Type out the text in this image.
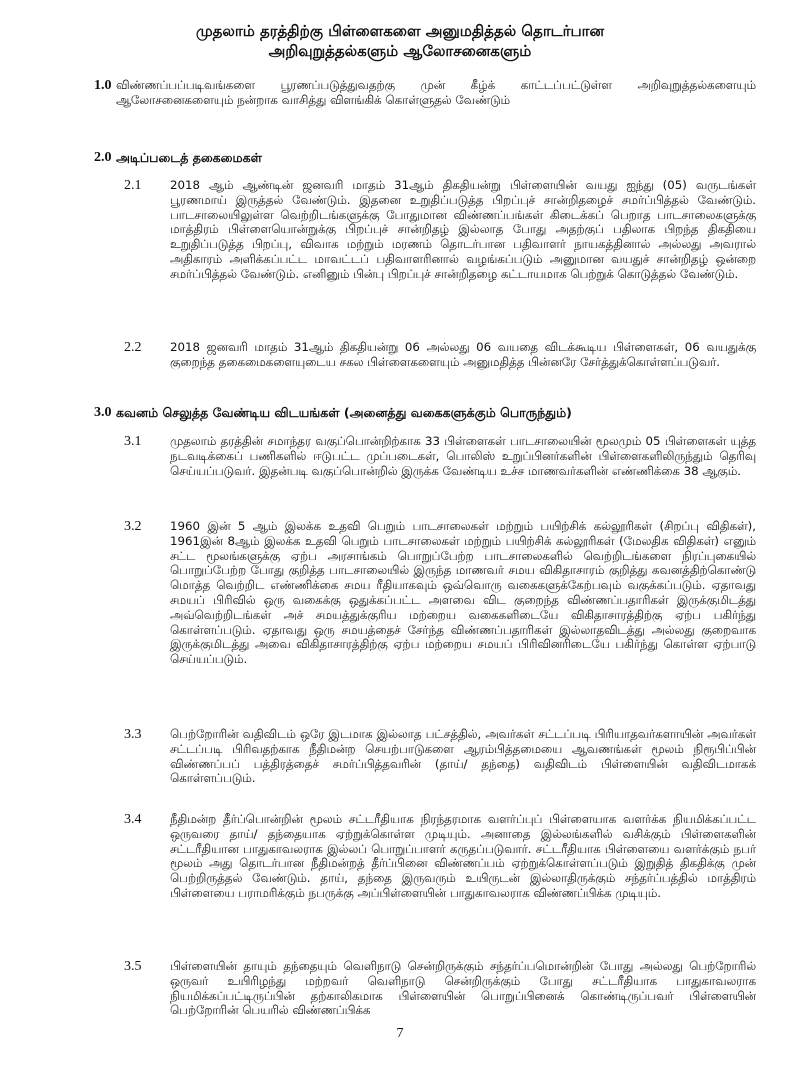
முதலாம் தரத்திற்கு பிள்ளைகளை அனுமதித்தல் தொடர்பான
அறிவுறுத்தல்களும் ஆலோசனைகளும்
1.0 விண்ணப்பப்படிவங்களை பூரணப்படுத்துவதற்கு முன் கீழ்க் காட்டப்பட்டுள்ள அறிவுறுத்தல்களையும் ஆலோசனைகளையும் நன்றாக வாசித்து விளங்கிக் கொள்ளுதல் வேண்டும்

2.0 அடிப்படைத் தகைமைகள்
2.1 2018 ஆம் ஆண்டின் ஜனவரி மாதம் 31ஆம் திகதியன்று பிள்ளையின் வயது ஐந்து (05) வருடங்கள் பூரணமாய் இருத்தல் வேண்டும். இதனை உறுதிப்படுத்த பிறப்புச் சான்றிதழைச் சமர்ப்பித்தல் வேண்டும். பாடசாலையிலுள்ள வெற்றிடங்களுக்கு போதுமான விண்ணப்பங்கள் கிடைக்கப் பெறாத பாடசாலைகளுக்கு மாத்திரம் பிள்ளையொன்றுக்கு பிறப்புச் சான்றிதழ் இல்லாத போது அதற்குப் பதிலாக பிறந்த திகதியை உறுதிப்படுத்த பிறப்பு, விவாக மற்றும் மரணம் தொடர்பான பதிவாளர் நாயகத்தினால் அல்லது அவரால் அதிகாரம் அளிக்கப்பட்ட மாவட்டப் பதிவாளரினால் வழங்கப்படும் அனுமான வயதுச் சான்றிதழ் ஒன்றை சமர்ப்பித்தல் வேண்டும். எனினும் பின்பு பிறப்புச் சான்றிதழை கட்டாயமாக பெற்றுக் கொடுத்தல் வேண்டும்.

2.2 2018 ஜனவரி மாதம் 31ஆம் திகதியன்று 06 அல்லது 06 வயதை விடக்கூடிய பிள்ளைகள், 06 வயதுக்கு குறைந்த தகைமைகளையுடைய சகல பிள்ளைகளையும் அனுமதித்த பின்னரே சேர்த்துக்கொள்ளப்படுவர்.

3.0 கவனம் செலுத்த வேண்டிய விடயங்கள் (அனைத்து வகைகளுக்கும் பொருந்தும்)
3.1 முதலாம் தரத்தின் சமாந்தர வகுப்பொன்றிற்காக 33 பிள்ளைகள் பாடசாலையின் மூலமும் 05 பிள்ளைகள் யுத்த நடவடிக்கைப் பணிகளில் ஈடுபட்ட முப்படைகள், பொலிஸ் உறுப்பினர்களின் பிள்ளைகளிலிருந்தும் தெரிவு செய்யப்படுவர். இதன்படி வகுப்பொன்றில் இருக்க வேண்டிய உச்ச மாணவர்களின் எண்ணிக்கை 38 ஆகும்.

3.2 1960 இன் 5 ஆம் இலக்க உதவி பெறும் பாடசாலைகள் மற்றும் பயிற்சிக் கல்லூரிகள் (சிறப்பு விதிகள்), 1961இன் 8ஆம் இலக்க உதவி பெறும் பாடசாலைகள் மற்றும் பயிற்சிக் கல்லூரிகள் (மேலதிக விதிகள்) எனும் சட்ட மூலங்களுக்கு ஏற்ப அரசாங்கம் பொறுப்பேற்ற பாடசாலைகளில் வெற்றிடங்களை நிரப்புகையில் பொறுப்பேற்ற போது குறித்த பாடசாலையில் இருந்த மாணவர் சமய விகிதாசாரம் குறித்து கவனத்திற்கொண்டு மொத்த வெற்றிட எண்ணிக்கை சமய ரீதியாகவும் ஒவ்வொரு வகைகளுக்கேற்பவும் வகுக்கப்படும். ஏதாவது சமயப் பிரிவில் ஒரு வகைக்கு ஒதுக்கப்பட்ட அளவை விட குறைந்த விண்ணப்பதாரிகள் இருக்குமிடத்து அவ்வெற்றிடங்கள் அச் சமயத்துக்குரிய மற்றைய வகைகளிடையே விகிதாசாரத்திற்கு ஏற்ப பகிர்ந்து கொள்ளப்படும். ஏதாவது ஒரு சமயத்தைச் சேர்ந்த விண்ணப்பதாரிகள் இல்லாதவிடத்து அல்லது குறைவாக இருக்குமிடத்து அவை விகிதாசாரத்திற்கு ஏற்ப மற்றைய சமயப் பிரிவினரிடையே பகிர்ந்து கொள்ள ஏற்பாடு செய்யப்படும்.

3.3 பெற்றோரின் வதிவிடம் ஒரே இடமாக இல்லாத பட்சத்தில், அவர்கள் சட்டப்படி பிரியாதவர்களாயின் அவர்கள் சட்டப்படி பிரிவதற்காக நீதிமன்ற செயற்பாடுகளை ஆரம்பித்தமையை ஆவணங்கள் மூலம் நிரூபிப்பின் விண்ணப்பப் பத்திரத்தைச் சமர்ப்பித்தவரின் (தாய்/ தந்தை) வதிவிடம் பிள்ளையின் வதிவிடமாகக் கொள்ளப்படும்.

3.4 நீதிமன்ற தீர்ப்பொன்றின் மூலம் சட்டரீதியாக நிரந்தரமாக வளர்ப்புப் பிள்ளையாக வளர்க்க நியமிக்கப்பட்ட ஒருவரை தாய்/ தந்தையாக ஏற்றுக்கொள்ள முடியும். அனாதை இல்லங்களில் வசிக்கும் பிள்ளைகளின் சட்டரீதியான பாதுகாவலராக இல்லப் பொறுப்பாளர் கருதப்படுவார். சட்டரீதியாக பிள்ளையை வளர்க்கும் நபர் மூலம் அது தொடர்பான நீதிமன்றத் தீர்ப்பினை விண்ணப்பம் ஏற்றுக்கொள்ளப்படும் இறுதித் திகதிக்கு முன் பெற்றிருத்தல் வேண்டும். தாய், தந்தை இருவரும் உயிருடன் இல்லாதிருக்கும் சந்தர்ப்பத்தில் மாத்திரம் பிள்ளையை பராமரிக்கும் நபருக்கு அப்பிள்ளையின் பாதுகாவலராக விண்ணப்பிக்க முடியும்.

3.5 பிள்ளையின் தாயும் தந்தையும் வெளிநாடு சென்றிருக்கும் சந்தர்ப்பமொன்றின் போது அல்லது பெற்றோரில் ஒருவர் உயிரிழந்து மற்றவர் வெளிநாடு சென்றிருக்கும் போது சட்டரீதியாக பாதுகாவலராக நியமிக்கப்பட்டிருப்பின் தற்காலிகமாக பிள்ளையின் பொறுப்பினைக் கொண்டிருப்பவர் பிள்ளையின் பெற்றோரின் பெயரில் விண்ணப்பிக்க

7
